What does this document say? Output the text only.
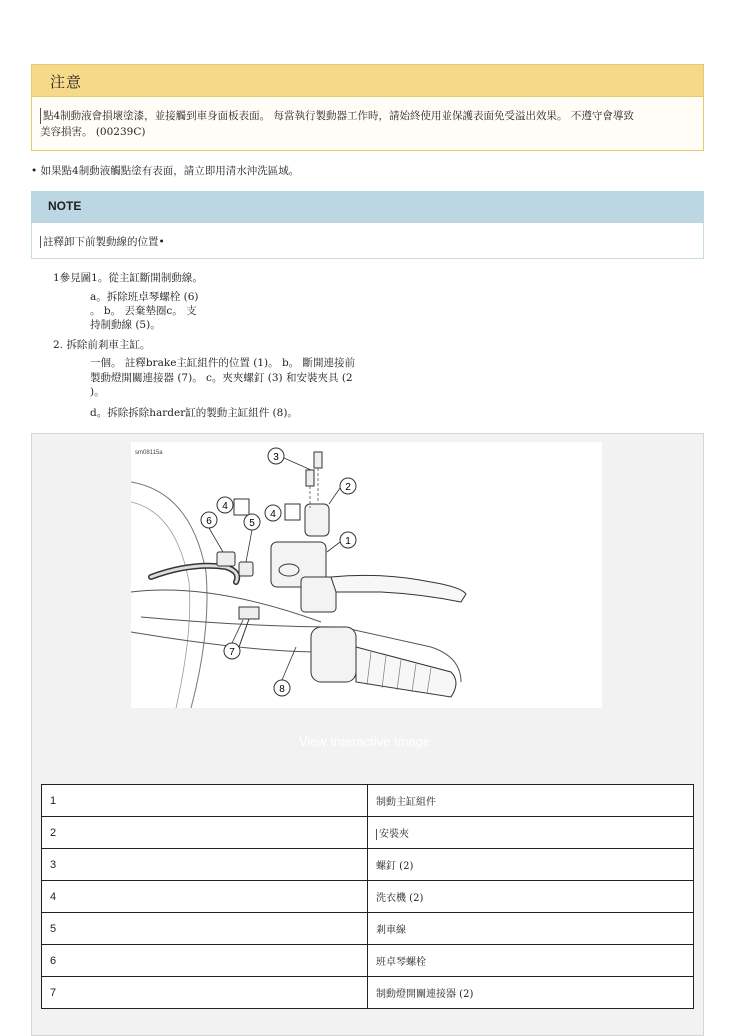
注意
點4制動液會損壞塗漆，並接觸到車身面板表面。 每當執行製動器工作時，請始終使用並保護表面免受溢出效果。 不遵守會導致
美容損害。 (00239C)
• 如果點4制動液觸點塗有表面，請立即用清水沖洗區域。
NOTE
註釋卸下前製動線的位置•
1參見圖1。從主缸斷開制動線。
a。拆除班卓琴螺栓 (6)
。 b。 丟棄墊圈c。 支
持制動線 (5)。
2. 拆除前剎車主缸。
一個。 註釋brake主缸組件的位置 (1)。 b。 斷開連接前
製動燈開關連接器 (7)。 c。夾夾螺釘 (3) 和安裝夾具 (2
)。
d。拆除拆除harder缸的製動主缸組件 (8)。
sm08115a
1
2
3
4
4
5
6
7
8
View Interactive Image
1	制動主缸組件
2	安裝夾
3	螺釘 (2)
4	洗衣機 (2)
5	剎車線
6	班卓琴螺栓
7	制動燈開關連接器 (2)
